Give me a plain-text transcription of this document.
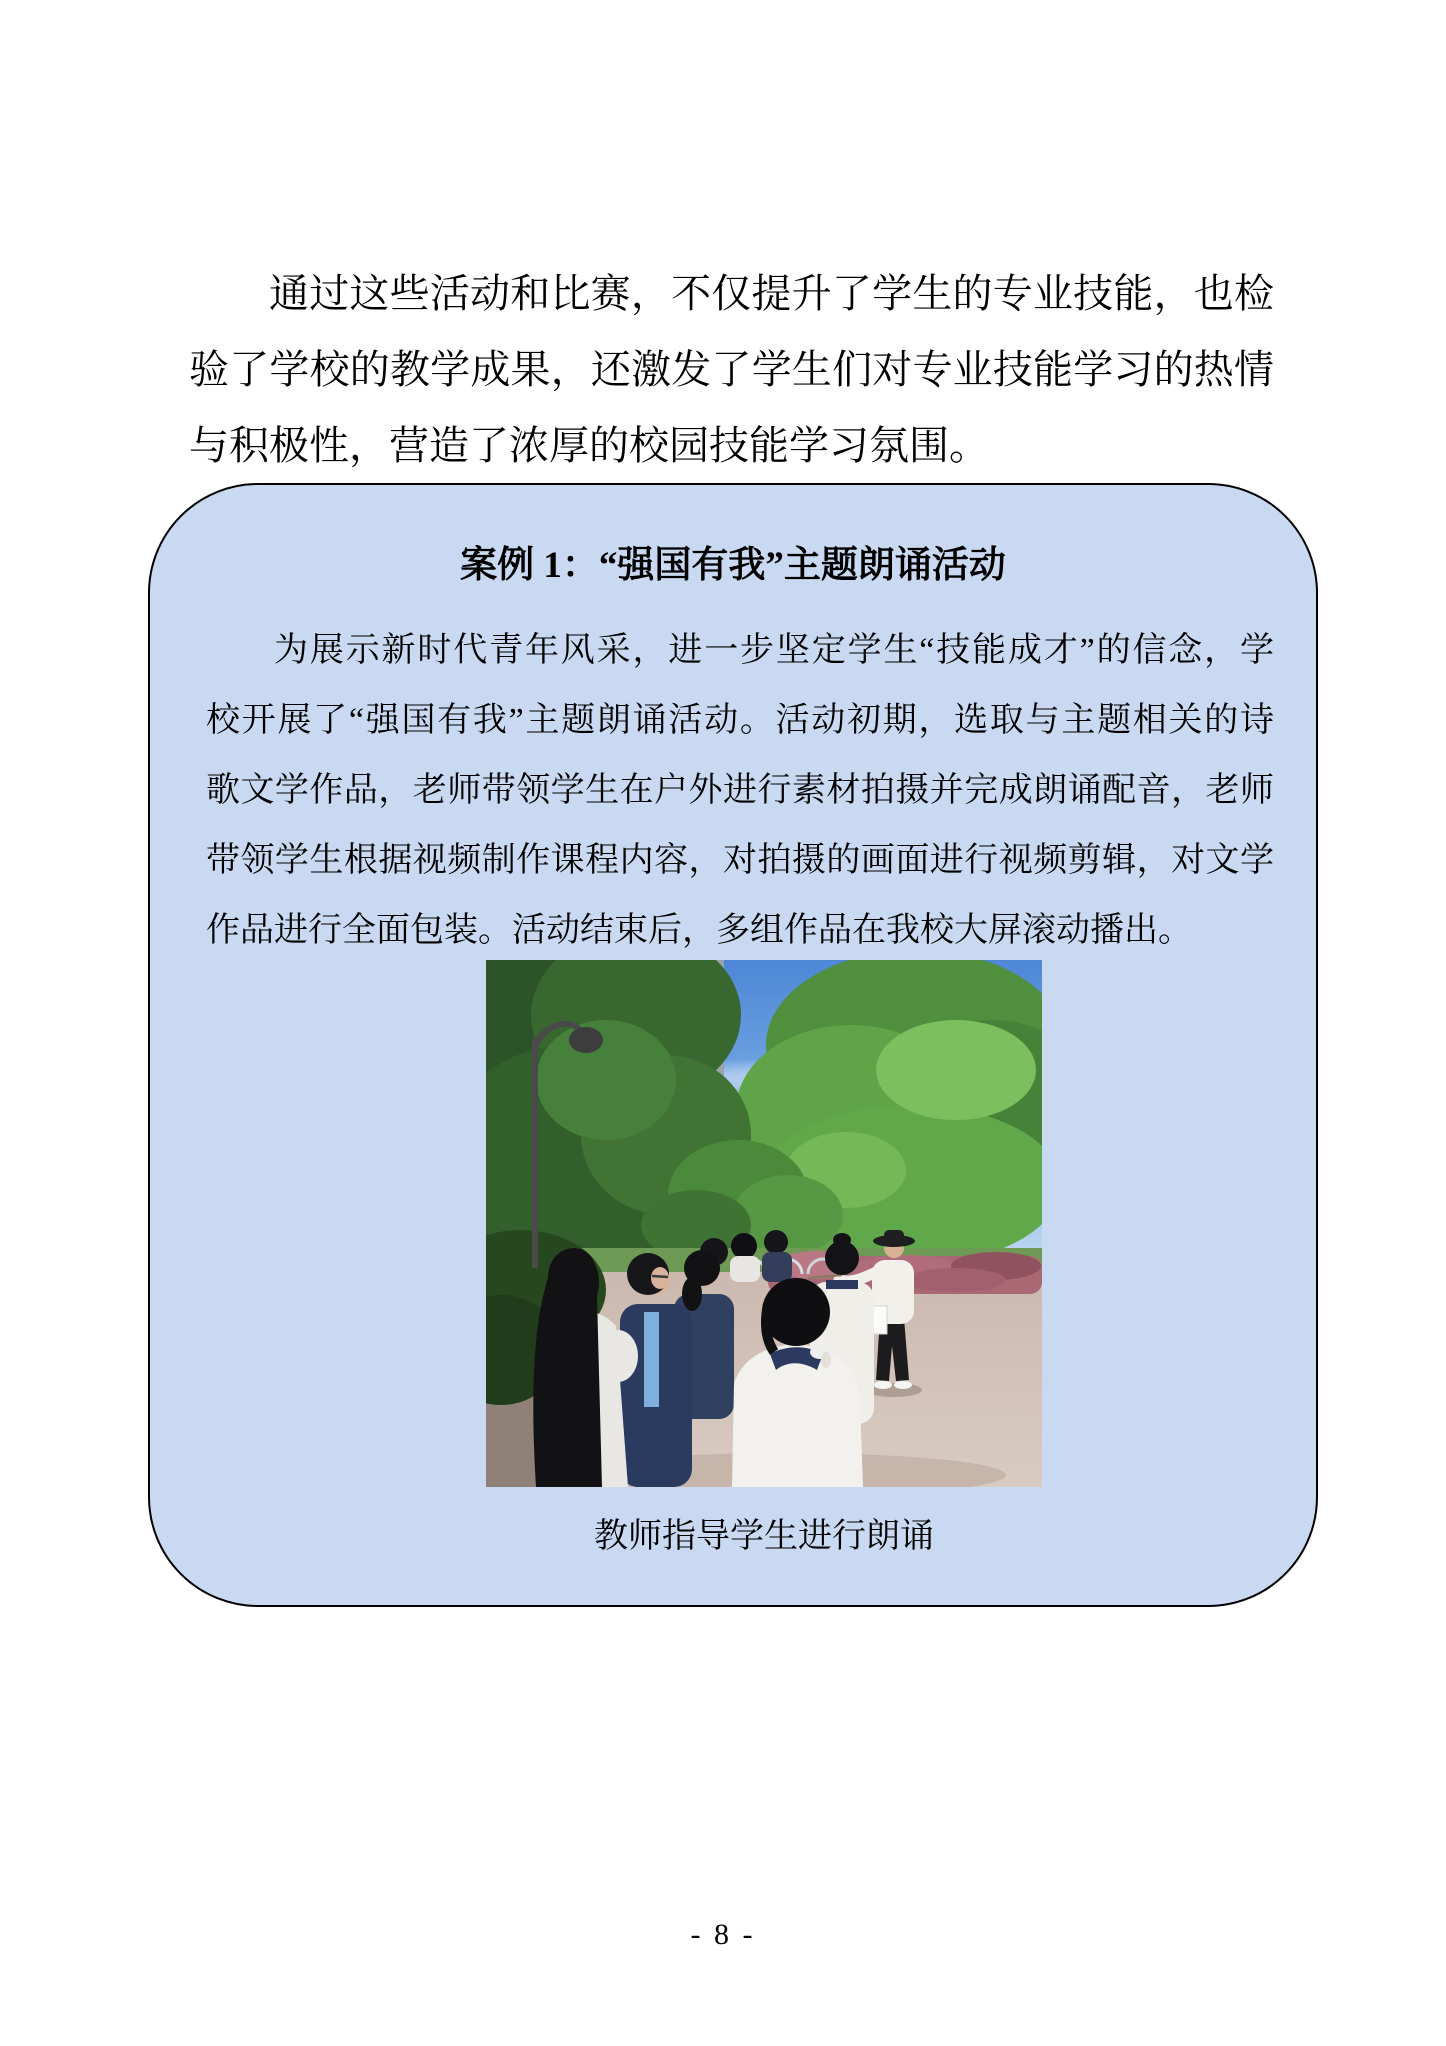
通过这些活动和比赛，不仅提升了学生的专业技能，也检
验了学校的教学成果，还激发了学生们对专业技能学习的热情
与积极性，营造了浓厚的校园技能学习氛围。
案例 1：“强国有我”主题朗诵活动
为展示新时代青年风采，进一步坚定学生“技能成才”的信念，学
校开展了“强国有我”主题朗诵活动。活动初期，选取与主题相关的诗
歌文学作品，老师带领学生在户外进行素材拍摄并完成朗诵配音，老师
带领学生根据视频制作课程内容，对拍摄的画面进行视频剪辑，对文学
作品进行全面包装。活动结束后，多组作品在我校大屏滚动播出。
教师指导学生进行朗诵
- 8 -
